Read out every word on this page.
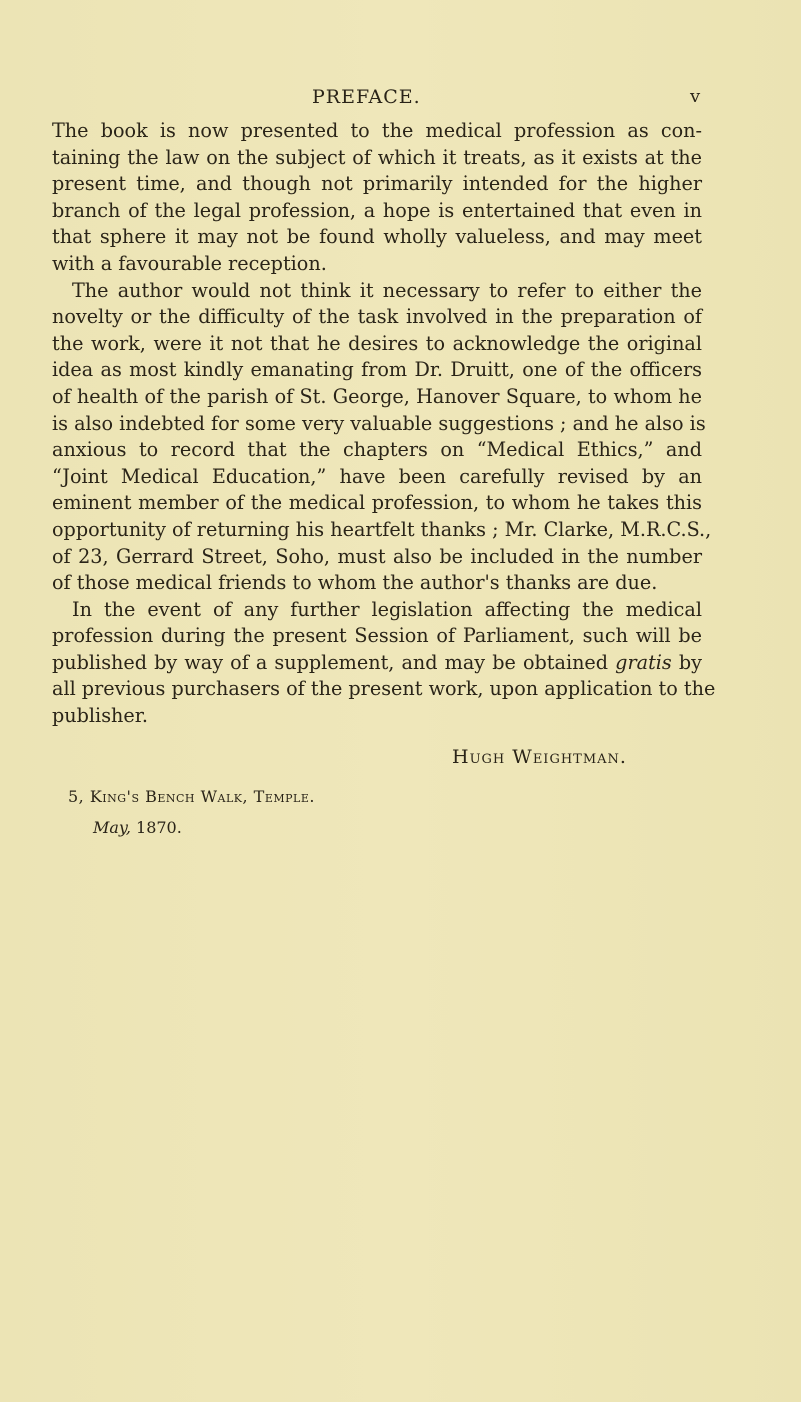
PREFACE.	v
The book is now presented to the medical profession as con-
taining the law on the subject of which it treats, as it exists at the
present time, and though not primarily intended for the higher
branch of the legal profession, a hope is entertained that even in
that sphere it may not be found wholly valueless, and may meet
with a favourable reception.
The author would not think it necessary to refer to either the
novelty or the difficulty of the task involved in the preparation of
the work, were it not that he desires to acknowledge the original
idea as most kindly emanating from Dr. Druitt, one of the officers
of health of the parish of St. George, Hanover Square, to whom he
is also indebted for some very valuable suggestions ; and he also is
anxious to record that the chapters on “Medical Ethics,” and
“Joint Medical Education,” have been carefully revised by an
eminent member of the medical profession, to whom he takes this
opportunity of returning his heartfelt thanks ; Mr. Clarke, M.R.C.S.,
of 23, Gerrard Street, Soho, must also be included in the number
of those medical friends to whom the author's thanks are due.
In the event of any further legislation affecting the medical
profession during the present Session of Parliament, such will be
published by way of a supplement, and may be obtained gratis by
all previous purchasers of the present work, upon application to the
publisher.
Hugh Weightman.
5, King's Bench Walk, Temple.
May, 1870.
